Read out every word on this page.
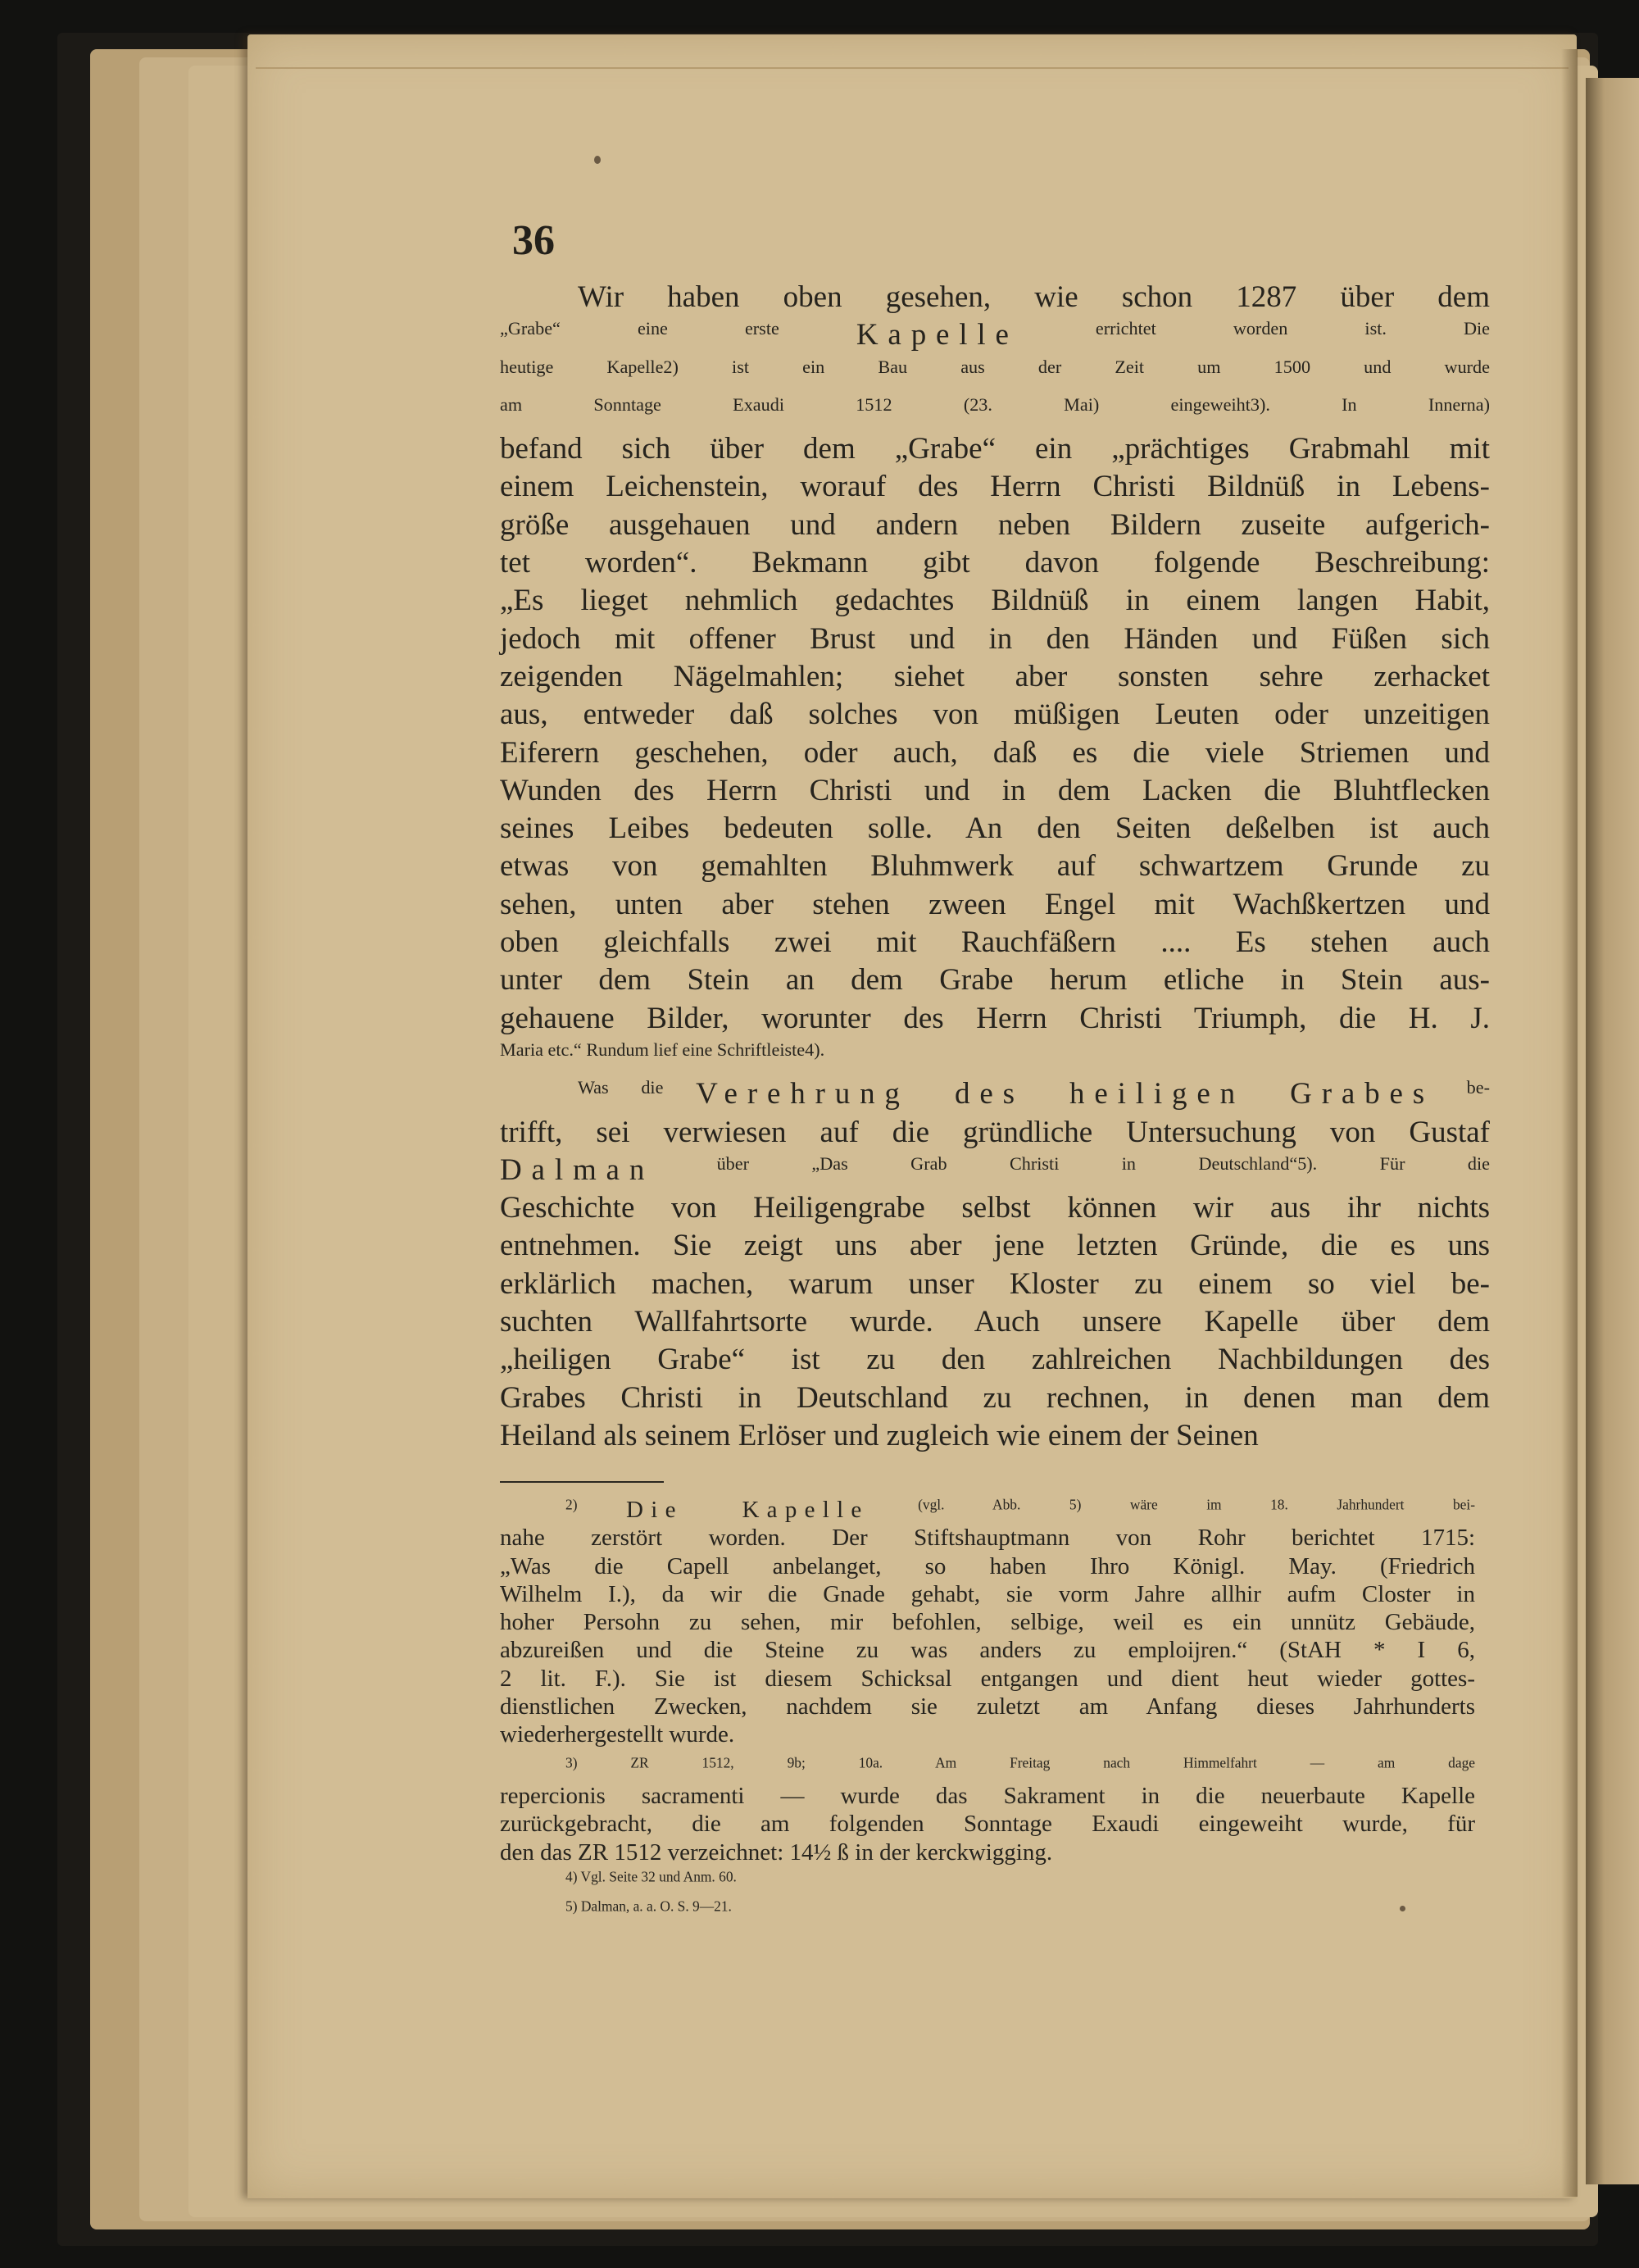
36

Wir haben oben gesehen, wie schon 1287 über dem

$^{„Grabe“ eine erste}$ Kapelle $^{errichtet worden ist. Die}$

$^{heutige Kapelle2) ist ein Bau aus der Zeit um 1500 und wurde}$

$^{am Sonntage Exaudi 1512 (23. Mai) eingeweiht3). In Innerna)}$

befand sich über dem „Grabe“ ein „prächtiges Grabmahl mit

einem Leichenstein, worauf des Herrn Christi Bildnüß in Lebens-

größe ausgehauen und andern neben Bildern zuseite aufgerich-

tet worden“. Bekmann gibt davon folgende Beschreibung:

„Es lieget nehmlich gedachtes Bildnüß in einem langen Habit,

jedoch mit offener Brust und in den Händen und Füßen sich

zeigenden Nägelmahlen; siehet aber sonsten sehre zerhacket

aus, entweder daß solches von müßigen Leuten oder unzeitigen

Eiferern geschehen, oder auch, daß es die viele Striemen und

Wunden des Herrn Christi und in dem Lacken die Bluhtflecken

seines Leibes bedeuten solle. An den Seiten deßelben ist auch

etwas von gemahlten Bluhmwerk auf schwartzem Grunde zu

sehen, unten aber stehen zween Engel mit Wachßkertzen und

oben gleichfalls zwei mit Rauchfäßern .... Es stehen auch

unter dem Stein an dem Grabe herum etliche in Stein aus-

gehauene Bilder, worunter des Herrn Christi Triumph, die H. J.

$^{Maria etc.“ Rundum lief eine Schriftleiste4).}$

$^{Was die}$ Verehrung des heiligen Grabes $^{be-}$

trifft, sei verwiesen auf die gründliche Untersuchung von Gustaf

Dalman $^{über „Das Grab Christi in Deutschland“5). Für die}$

Geschichte von Heiligengrabe selbst können wir aus ihr nichts

entnehmen. Sie zeigt uns aber jene letzten Gründe, die es uns

erklärlich machen, warum unser Kloster zu einem so viel be-

suchten Wallfahrtsorte wurde. Auch unsere Kapelle über dem

„heiligen Grabe“ ist zu den zahlreichen Nachbildungen des

Grabes Christi in Deutschland zu rechnen, in denen man dem

Heiland als seinem Erlöser und zugleich wie einem der Seinen

$^{2)}$ Die Kapelle $^{(vgl. Abb. 5) wäre im 18. Jahrhundert bei-}$

nahe zerstört worden. Der Stiftshauptmann von Rohr berichtet 1715:

„Was die Capell anbelanget, so haben Ihro Königl. May. (Friedrich

Wilhelm I.), da wir die Gnade gehabt, sie vorm Jahre allhir aufm Closter in

hoher Persohn zu sehen, mir befohlen, selbige, weil es ein unnütz Gebäude,

abzureißen und die Steine zu was anders zu emploijren.“ (StAH * I 6,

2 lit. F.). Sie ist diesem Schicksal entgangen und dient heut wieder gottes-

dienstlichen Zwecken, nachdem sie zuletzt am Anfang dieses Jahrhunderts

wiederhergestellt wurde.

$^{3) ZR 1512, 9b; 10a. Am Freitag nach Himmelfahrt — am dage}$

repercionis sacramenti — wurde das Sakrament in die neuerbaute Kapelle

zurückgebracht, die am folgenden Sonntage Exaudi eingeweiht wurde, für

den das ZR 1512 verzeichnet: 14½ ß in der kerckwigging.

$^{4) Vgl. Seite 32 und Anm. 60.}$

$^{5) Dalman, a. a. O. S. 9—21.}$
